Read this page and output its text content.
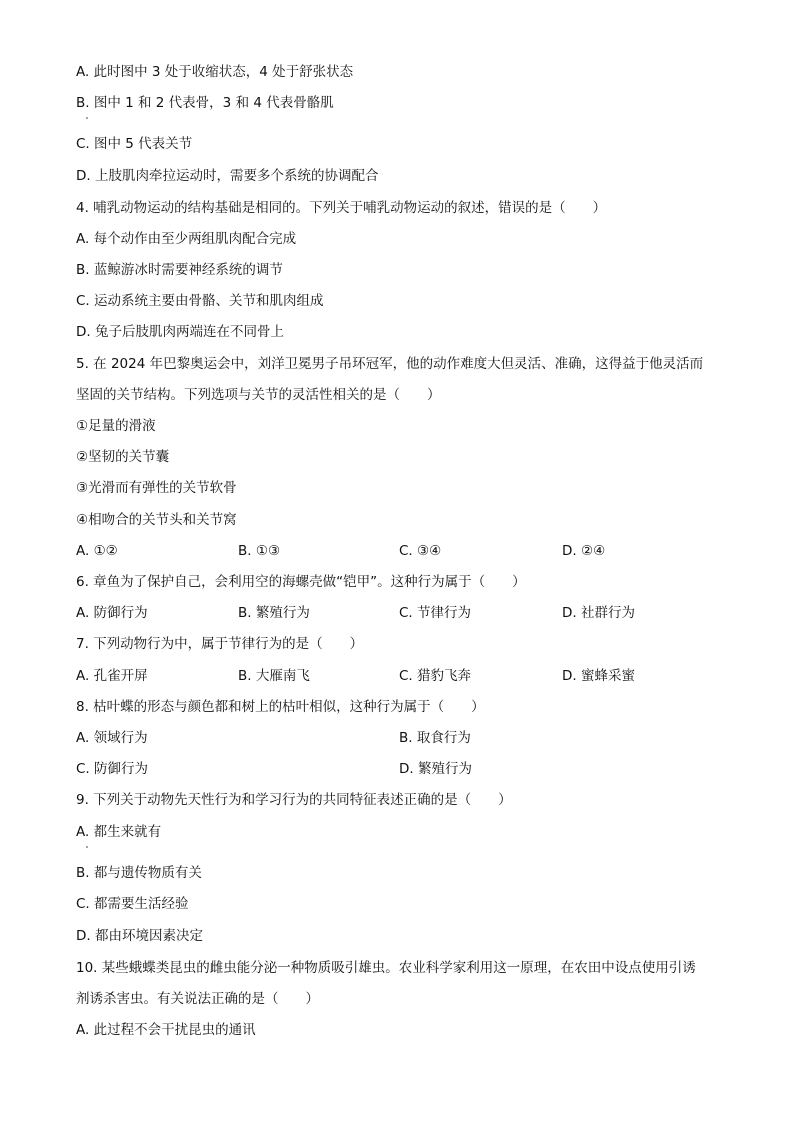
A. 此时图中 3 处于收缩状态，4 处于舒张状态
B. 图中 1 和 2 代表骨，3 和 4 代表骨骼肌
C. 图中 5 代表关节
D. 上肢肌肉牵拉运动时，需要多个系统的协调配合
4. 哺乳动物运动的结构基础是相同的。下列关于哺乳动物运动的叙述，错误的是（　　）
A. 每个动作由至少两组肌肉配合完成
B. 蓝鲸游冰时需要神经系统的调节
C. 运动系统主要由骨骼、关节和肌肉组成
D. 兔子后肢肌肉两端连在不同骨上
5. 在 2024 年巴黎奥运会中，刘洋卫冕男子吊环冠军，他的动作难度大但灵活、准确，这得益于他灵活而
坚固的关节结构。下列选项与关节的灵活性相关的是（　　）
①足量的滑液
②坚韧的关节囊
③光滑而有弹性的关节软骨
④相吻合的关节头和关节窝
A. ①②	B. ①③	C. ③④	D. ②④
6. 章鱼为了保护自己，会利用空的海螺壳做“铠甲”。这种行为属于（　　）
A. 防御行为	B. 繁殖行为	C. 节律行为	D. 社群行为
7. 下列动物行为中，属于节律行为的是（　　）
A. 孔雀开屏	B. 大雁南飞	C. 猎豹飞奔	D. 蜜蜂采蜜
8. 枯叶蝶的形态与颜色都和树上的枯叶相似，这种行为属于（　　）
A. 领域行为	B. 取食行为
C. 防御行为	D. 繁殖行为
9. 下列关于动物先天性行为和学习行为的共同特征表述正确的是（　　）
A. 都生来就有
B. 都与遗传物质有关
C. 都需要生活经验
D. 都由环境因素决定
10. 某些蛾蝶类昆虫的雌虫能分泌一种物质吸引雄虫。农业科学家利用这一原理，在农田中设点使用引诱
剂诱杀害虫。有关说法正确的是（　　）
A. 此过程不会干扰昆虫的通讯
